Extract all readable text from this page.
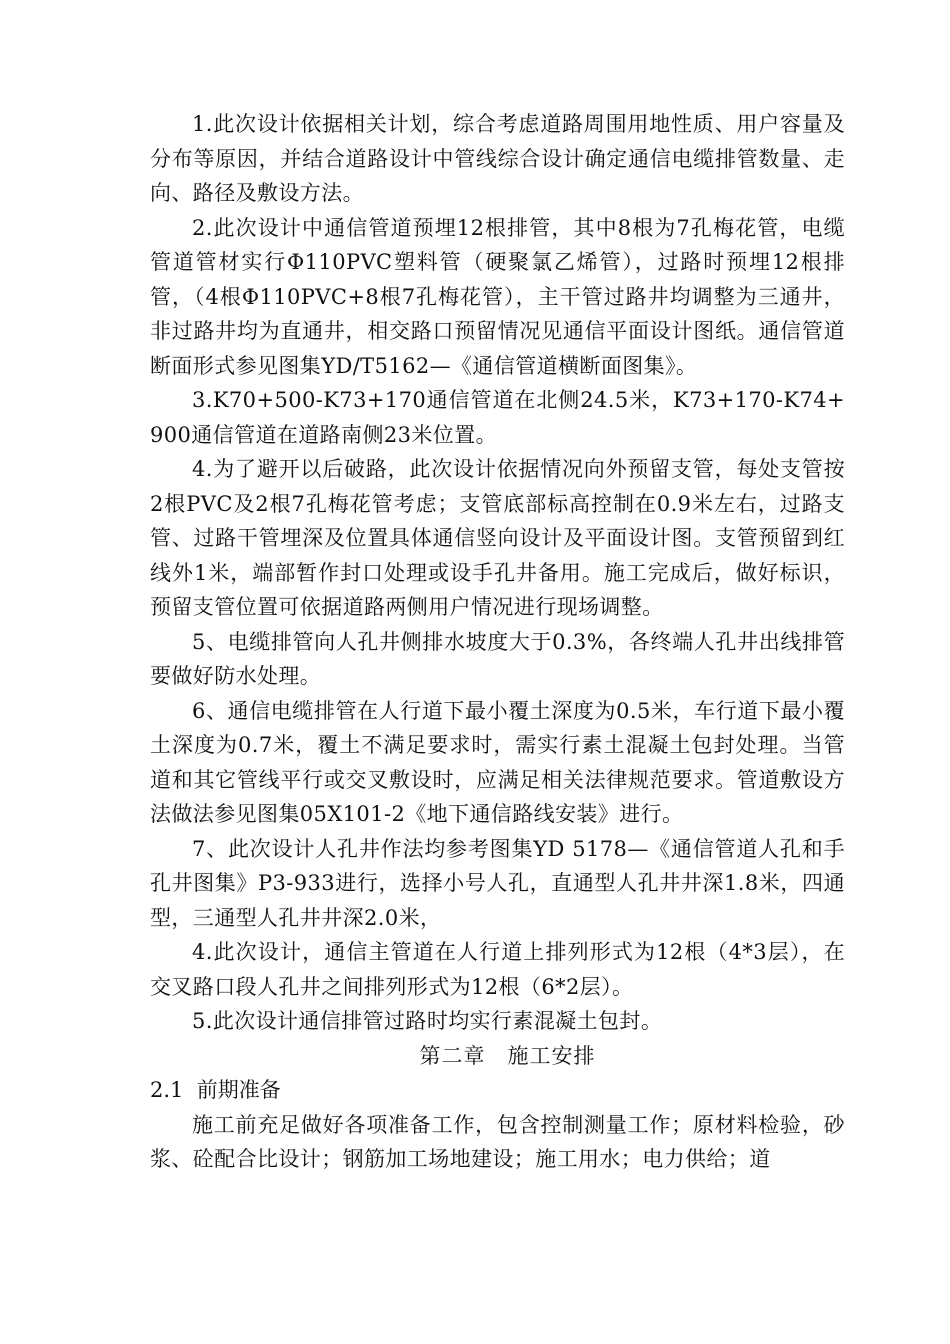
1.此次设计依据相关计划，综合考虑道路周围用地性质、用户容量及分布等原因，并结合道路设计中管线综合设计确定通信电缆排管数量、走向、路径及敷设方法。

2.此次设计中通信管道预埋12根排管，其中8根为7孔梅花管，电缆管道管材实行Φ110PVC塑料管（硬聚氯乙烯管），过路时预埋12根排管，（4根Φ110PVC+8根7孔梅花管），主干管过路井均调整为三通井，非过路井均为直通井，相交路口预留情况见通信平面设计图纸。通信管道断面形式参见图集YD/T5162—《通信管道横断面图集》。

3.K70+500-K73+170通信管道在北侧24.5米，K73+170-K74+900通信管道在道路南侧23米位置。

4.为了避开以后破路，此次设计依据情况向外预留支管，每处支管按2根PVC及2根7孔梅花管考虑；支管底部标高控制在0.9米左右，过路支管、过路干管埋深及位置具体通信竖向设计及平面设计图。支管预留到红线外1米，端部暂作封口处理或设手孔井备用。施工完成后，做好标识，预留支管位置可依据道路两侧用户情况进行现场调整。

5、电缆排管向人孔井侧排水坡度大于0.3%，各终端人孔井出线排管要做好防水处理。

6、通信电缆排管在人行道下最小覆土深度为0.5米，车行道下最小覆土深度为0.7米，覆土不满足要求时，需实行素土混凝土包封处理。当管道和其它管线平行或交叉敷设时，应满足相关法律规范要求。管道敷设方法做法参见图集05X101-2《地下通信路线安装》进行。

7、此次设计人孔井作法均参考图集YD 5178—《通信管道人孔和手孔井图集》P3-933进行，选择小号人孔，直通型人孔井井深1.8米，四通型，三通型人孔井井深2.0米，

4.此次设计，通信主管道在人行道上排列形式为12根（4*3层），在交叉路口段人孔井之间排列形式为12根（6*2层）。

5.此次设计通信排管过路时均实行素混凝土包封。

第二章　施工安排

2.1  前期准备

施工前充足做好各项准备工作，包含控制测量工作；原材料检验，砂浆、砼配合比设计；钢筋加工场地建设；施工用水；电力供给；道
